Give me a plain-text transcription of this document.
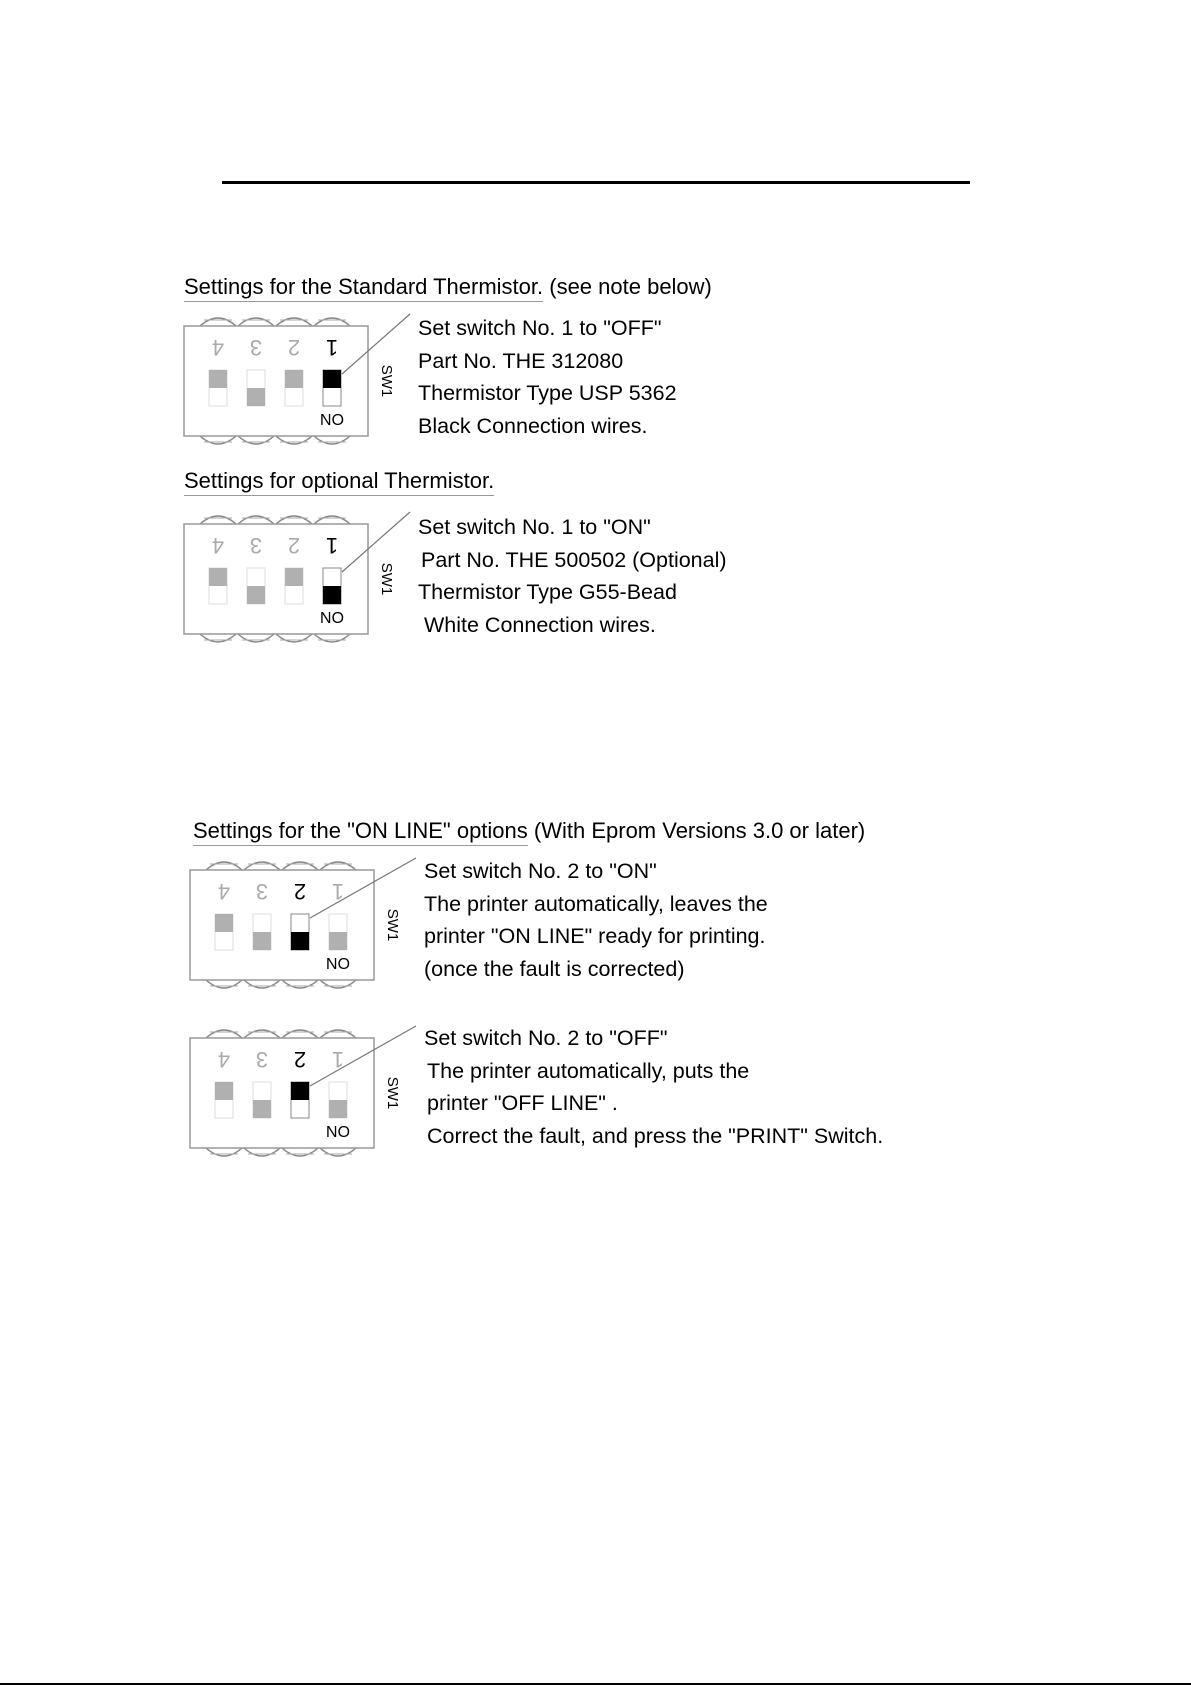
Settings for the Standard Thermistor. (see note below)
4 3 2 1
ON
SW1
Set switch No. 1 to "OFF"
Part No. THE 312080
Thermistor Type USP 5362
Black Connection wires.
Settings for optional Thermistor.
4 3 2 1
ON
SW1
Set switch No. 1 to "ON"
Part No. THE 500502 (Optional)
Thermistor Type G55-Bead
White Connection wires.
Settings for the "ON LINE" options (With Eprom Versions 3.0 or later)
4 3 2 1
ON
SW1
Set switch No. 2 to "ON"
The printer automatically, leaves the
printer "ON LINE" ready for printing.
(once the fault is corrected)
4 3 2 1
ON
SW1
Set switch No. 2 to "OFF"
The printer automatically, puts the
printer "OFF LINE" .
Correct the fault, and press the "PRINT" Switch.
